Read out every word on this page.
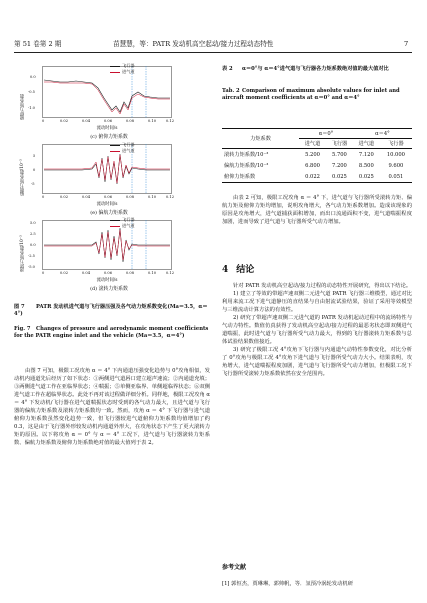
第 51 卷第 2 期	苗慧慧，等：PATR 发动机高空起动/接力过程动态特性	7
俯仰力矩系数
0.0
-0.5
-1.0
飞行器
进气道
0	0.02	0.04	0.06	0.08	0.10	0.12
流动时间/s
(c) 俯仰力矩系数
偏航力矩系数/10⁻³
5
0
-5
飞行器
进气道
0	0.02	0.04	0.06	0.08	0.10	0.12
流动时间/s
(e) 偏航力矩系数
滚转力矩系数/10⁻³
5.0
2.5
0.0
-2.5
-5.0
飞行器
进气道
0	0.02	0.04	0.06	0.08	0.10	0.12
流动时间/s
(d) 滚转力矩系数
图 7 PATR 发动机进气道与飞行器压强及各气动力矩系数变化(Ma＝3.5，α＝4°)
Fig. 7 Changes of pressure and aerodynamic moment coefficients for the PATR engine inlet and the vehicle (Ma＝3.5，α＝4°)
由图 7 可知，极限工况攻角 α ＝ 4° 下内通道压强变化趋势与 0°攻角相似，发动机内通道先后经历了如下状态：①两侧进气道唇口建立超声速流；②内通道充填；③两侧进气道工作在亚临界状态；④喘振；⑤单侧亚临界、单侧超临界状态；⑥双侧进气道工作在超临界状态。此处不再对该过程做详细分析。同样地，极限工况攻角 α ＝ 4° 下发动机/飞行器在进气道喘振状态时受到的各气动力最大，且进气道与飞行器的偏航力矩系数及滚转力矩系数均一致。然而，攻角 α ＝ 4° 下飞行器与进气道俯仰力矩系数虽然变化趋势一致，但飞行器较进气道俯仰力矩系数均值增加了约 0.3，这是由于飞行器外形较发动机内通道外形大，在攻角状态下产生了更大滚转力矩的原因。以下将攻角 α ＝ 0° 与 α ＝ 4° 工况下，进气道与飞行器滚转力矩系数、偏航力矩系数及俯仰力矩系数绝对值的最大值列于表 2。
表 2 α＝0°与 α＝4°进气道与飞行器各力矩系数绝对值的最大值对比
Tab. 2 Comparison of maximum absolute values for inlet and aircraft moment coefficients at α＝0° and α＝4°
力矩系数	α＝0°		α＝4°	
	进气道	飞行器	进气道	飞行器
滚转力矩系数/10⁻³	5.200	5.700	7.120	10.000
偏航力矩系数/10⁻³	6.800	7.200	8.500	9.600
俯仰力矩系数	0.022	0.025	0.025	0.051
由表 2 可知，极限工况攻角 α ＝ 4° 下，进气道与飞行器所受滚转力矩、偏航力矩及俯仰力矩均增加，说明攻角增大，各气动力矩系数增加。造成该现象的原因是攻角增大，进气道捕获面积增加，而出口流通面积不变，进气道喘振程度加剧，进而导致了进气道与飞行器所受气动力增加。
4 结论
针对 PATR 发动机高空起动/接力过程的动态特性开展研究，得出以下结论。
1) 建立了等效的带超声速双侧二元进气道 PATR 飞行器三维模型，通过对比利用来流工况下进气道静压的直结果与自由射流试验结果，验证了采用等效模型与三维流动计算方法的有效性。
2) 研究了带超声速双侧二元进气道的 PATR 发动机起动过程中的流场特性与气动力特性。数值仿真获得了发动机高空起动/接力过程的最恶劣状态即双侧进气道喘振，此时进气道与飞行器所受气动力最大，得到的飞行器滚转力矩系数与总体试验结果数值接近。
3) 研究了极限工况 4°攻角下飞行器与内通道气动特性参数变化，对比分析了 0°攻角与极限工况 4°攻角下进气道与飞行器所受气动力大小。结果表明，攻角增大，进气道喘振程度加剧，进气道与飞行器所受气动力增加，但极限工况下飞行器所受滚转力矩系数依然在安全范围内。
参考文献
[1] 郭恒杰，贾琳琳，郭帅帆，等．氢预冷涡轮发动机研
